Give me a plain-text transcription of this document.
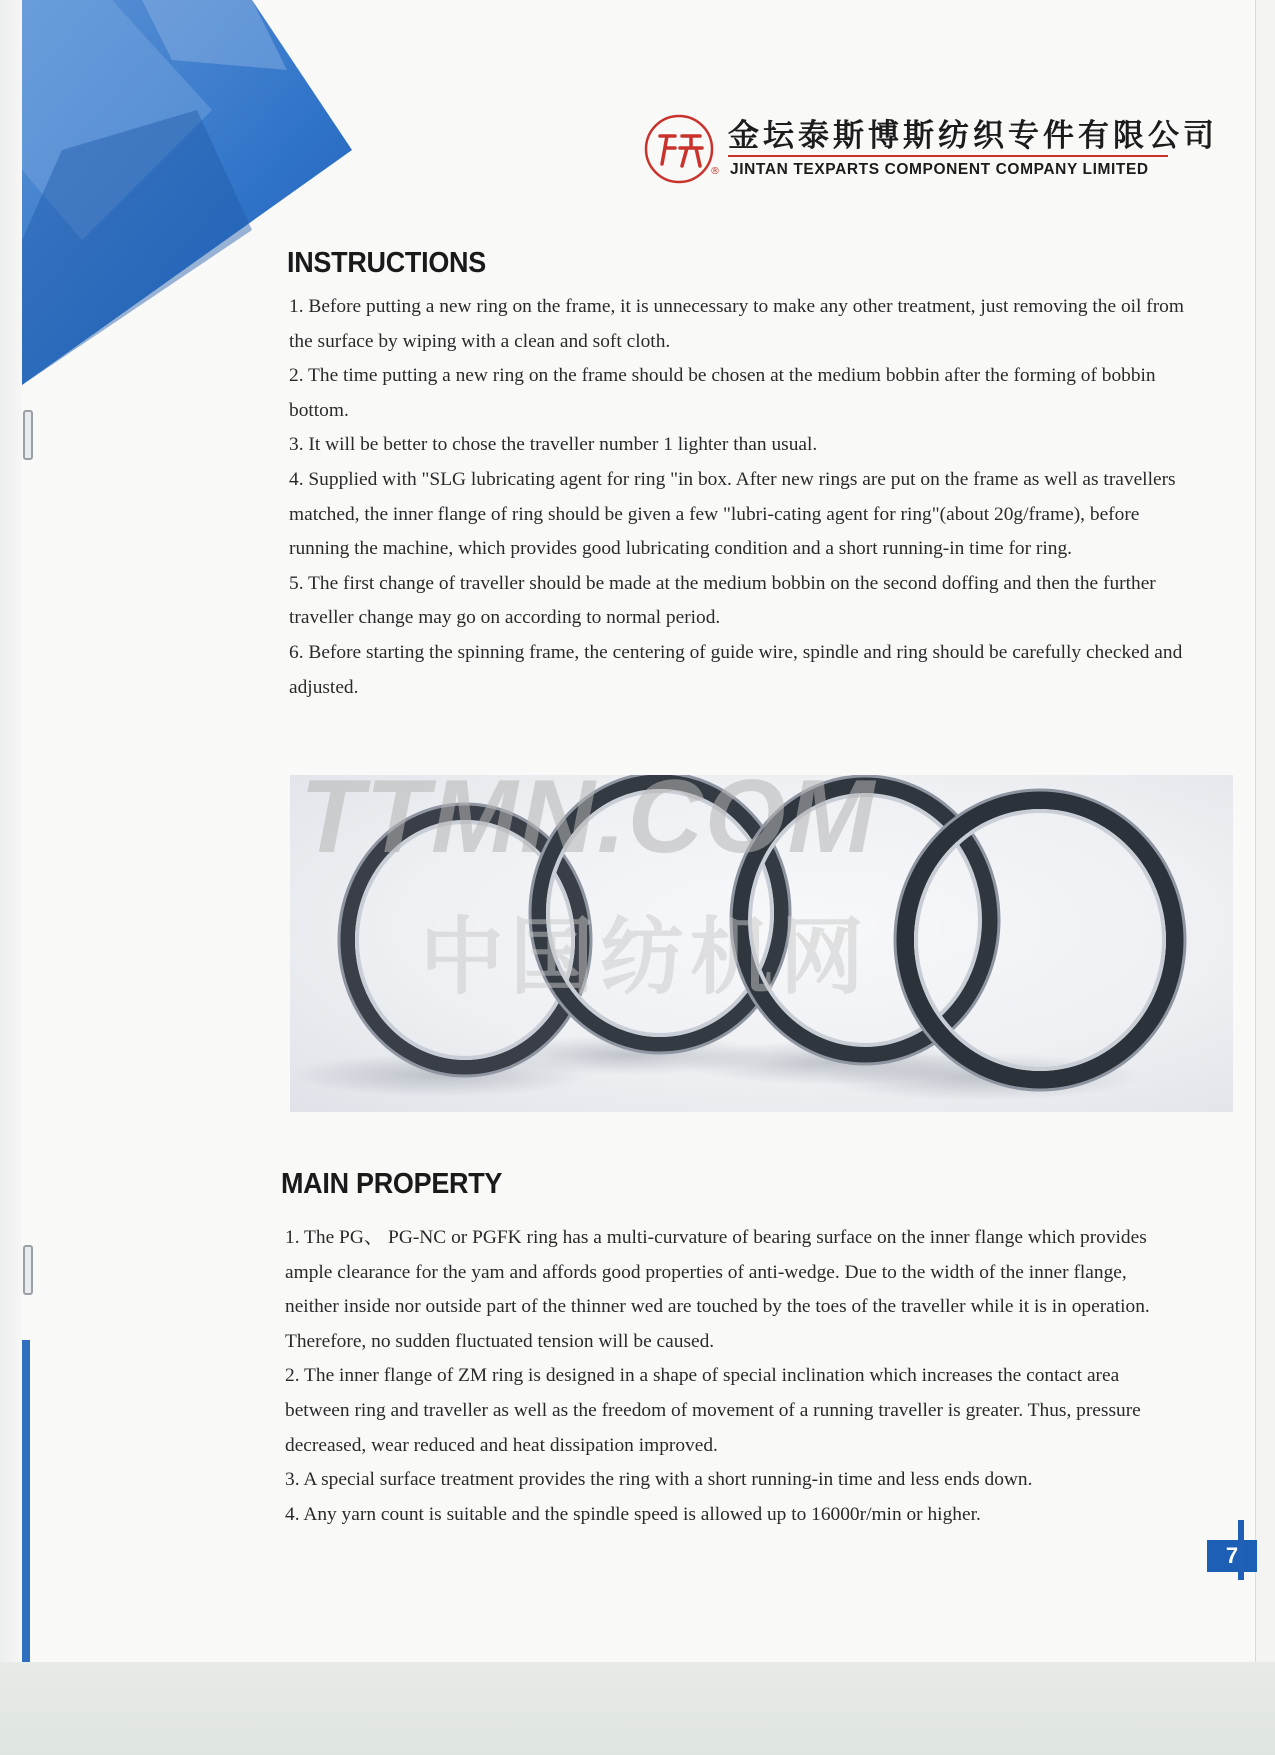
®
金坛泰斯博斯纺织专件有限公司
JINTAN TEXPARTS COMPONENT COMPANY LIMITED
INSTRUCTIONS

1. Before putting a new ring on the frame, it is unnecessary to make any other treatment, just removing the oil from the surface by wiping with a clean and soft cloth.

2. The time putting a new ring on the frame should be chosen at the medium bobbin after the forming of bobbin bottom.

3. It will be better to chose the traveller number 1 lighter than usual.

4. Supplied with "SLG lubricating agent for ring "in box. After new rings are put on the frame as well as travellers matched, the inner flange of ring should be given a few "lubri-cating agent for ring"(about 20g/frame), before running the machine, which provides good lubricating condition and a short running-in time for ring.

5. The first change of traveller should be made at the medium bobbin on the second doffing and then the further traveller change may go on according to normal period.

6. Before starting the spinning frame, the centering of guide wire, spindle and ring should be carefully checked and adjusted.

TTMN.COM
中国纺机网
MAIN PROPERTY

1. The PG、 PG-NC or PGFK ring has a multi-curvature of bearing surface on the inner flange which provides ample clearance for the yam and affords good properties of anti-wedge. Due to the width of the inner flange, neither inside nor outside part of the thinner wed are touched by the toes of the traveller while it is in operation. Therefore, no sudden fluctuated tension will be caused.

2. The inner flange of ZM ring is designed in a shape of special inclination which increases the contact area between ring and traveller as well as the freedom of movement of a running traveller is greater. Thus, pressure decreased, wear reduced and heat dissipation improved.

3. A special surface treatment provides the ring with a short running-in time and less ends down.

4. Any yarn count is suitable and the spindle speed is allowed up to 16000r/min or higher.

7
